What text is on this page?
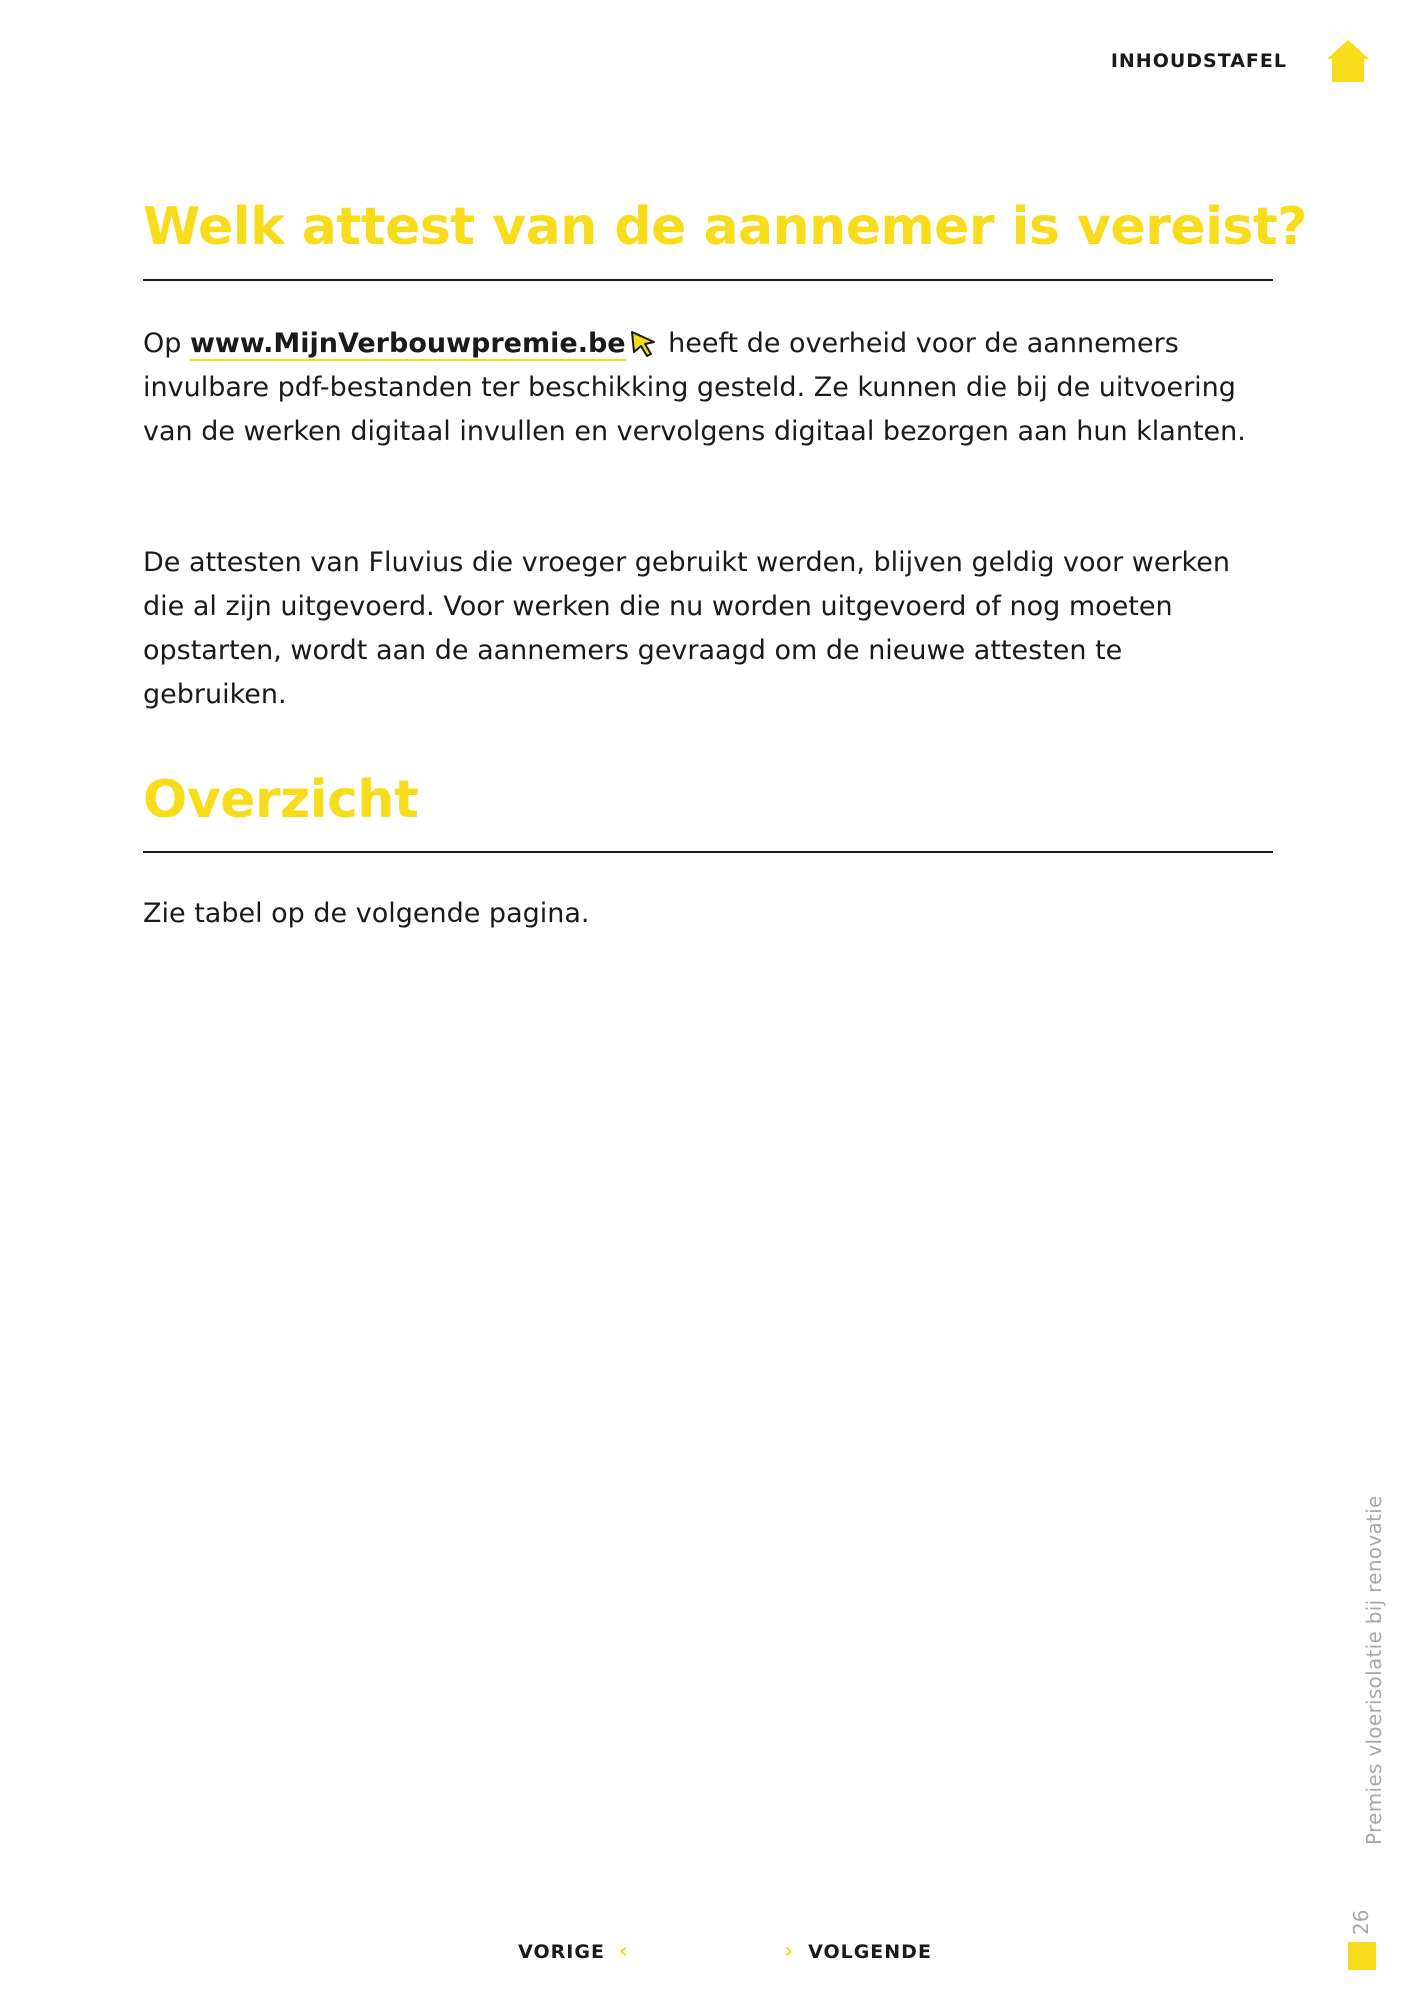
INHOUDSTAFEL
Welk attest van de aannemer is vereist?

Op www.MijnVerbouwpremie.be heeft de overheid voor de aannemers invulbare pdf-bestanden ter beschikking gesteld. Ze kunnen die bij de uitvoering van de werken digitaal invullen en vervolgens digitaal bezorgen aan hun klanten.

De attesten van Fluvius die vroeger gebruikt werden, blijven geldig voor werken die al zijn uitgevoerd. Voor werken die nu worden uitgevoerd of nog moeten opstarten, wordt aan de aannemers gevraagd om de nieuwe attesten te gebruiken.

Overzicht

Zie tabel op de volgende pagina.

Premies vloerisolatie bij renovatie
26
VORIGE ‹	› VOLGENDE
